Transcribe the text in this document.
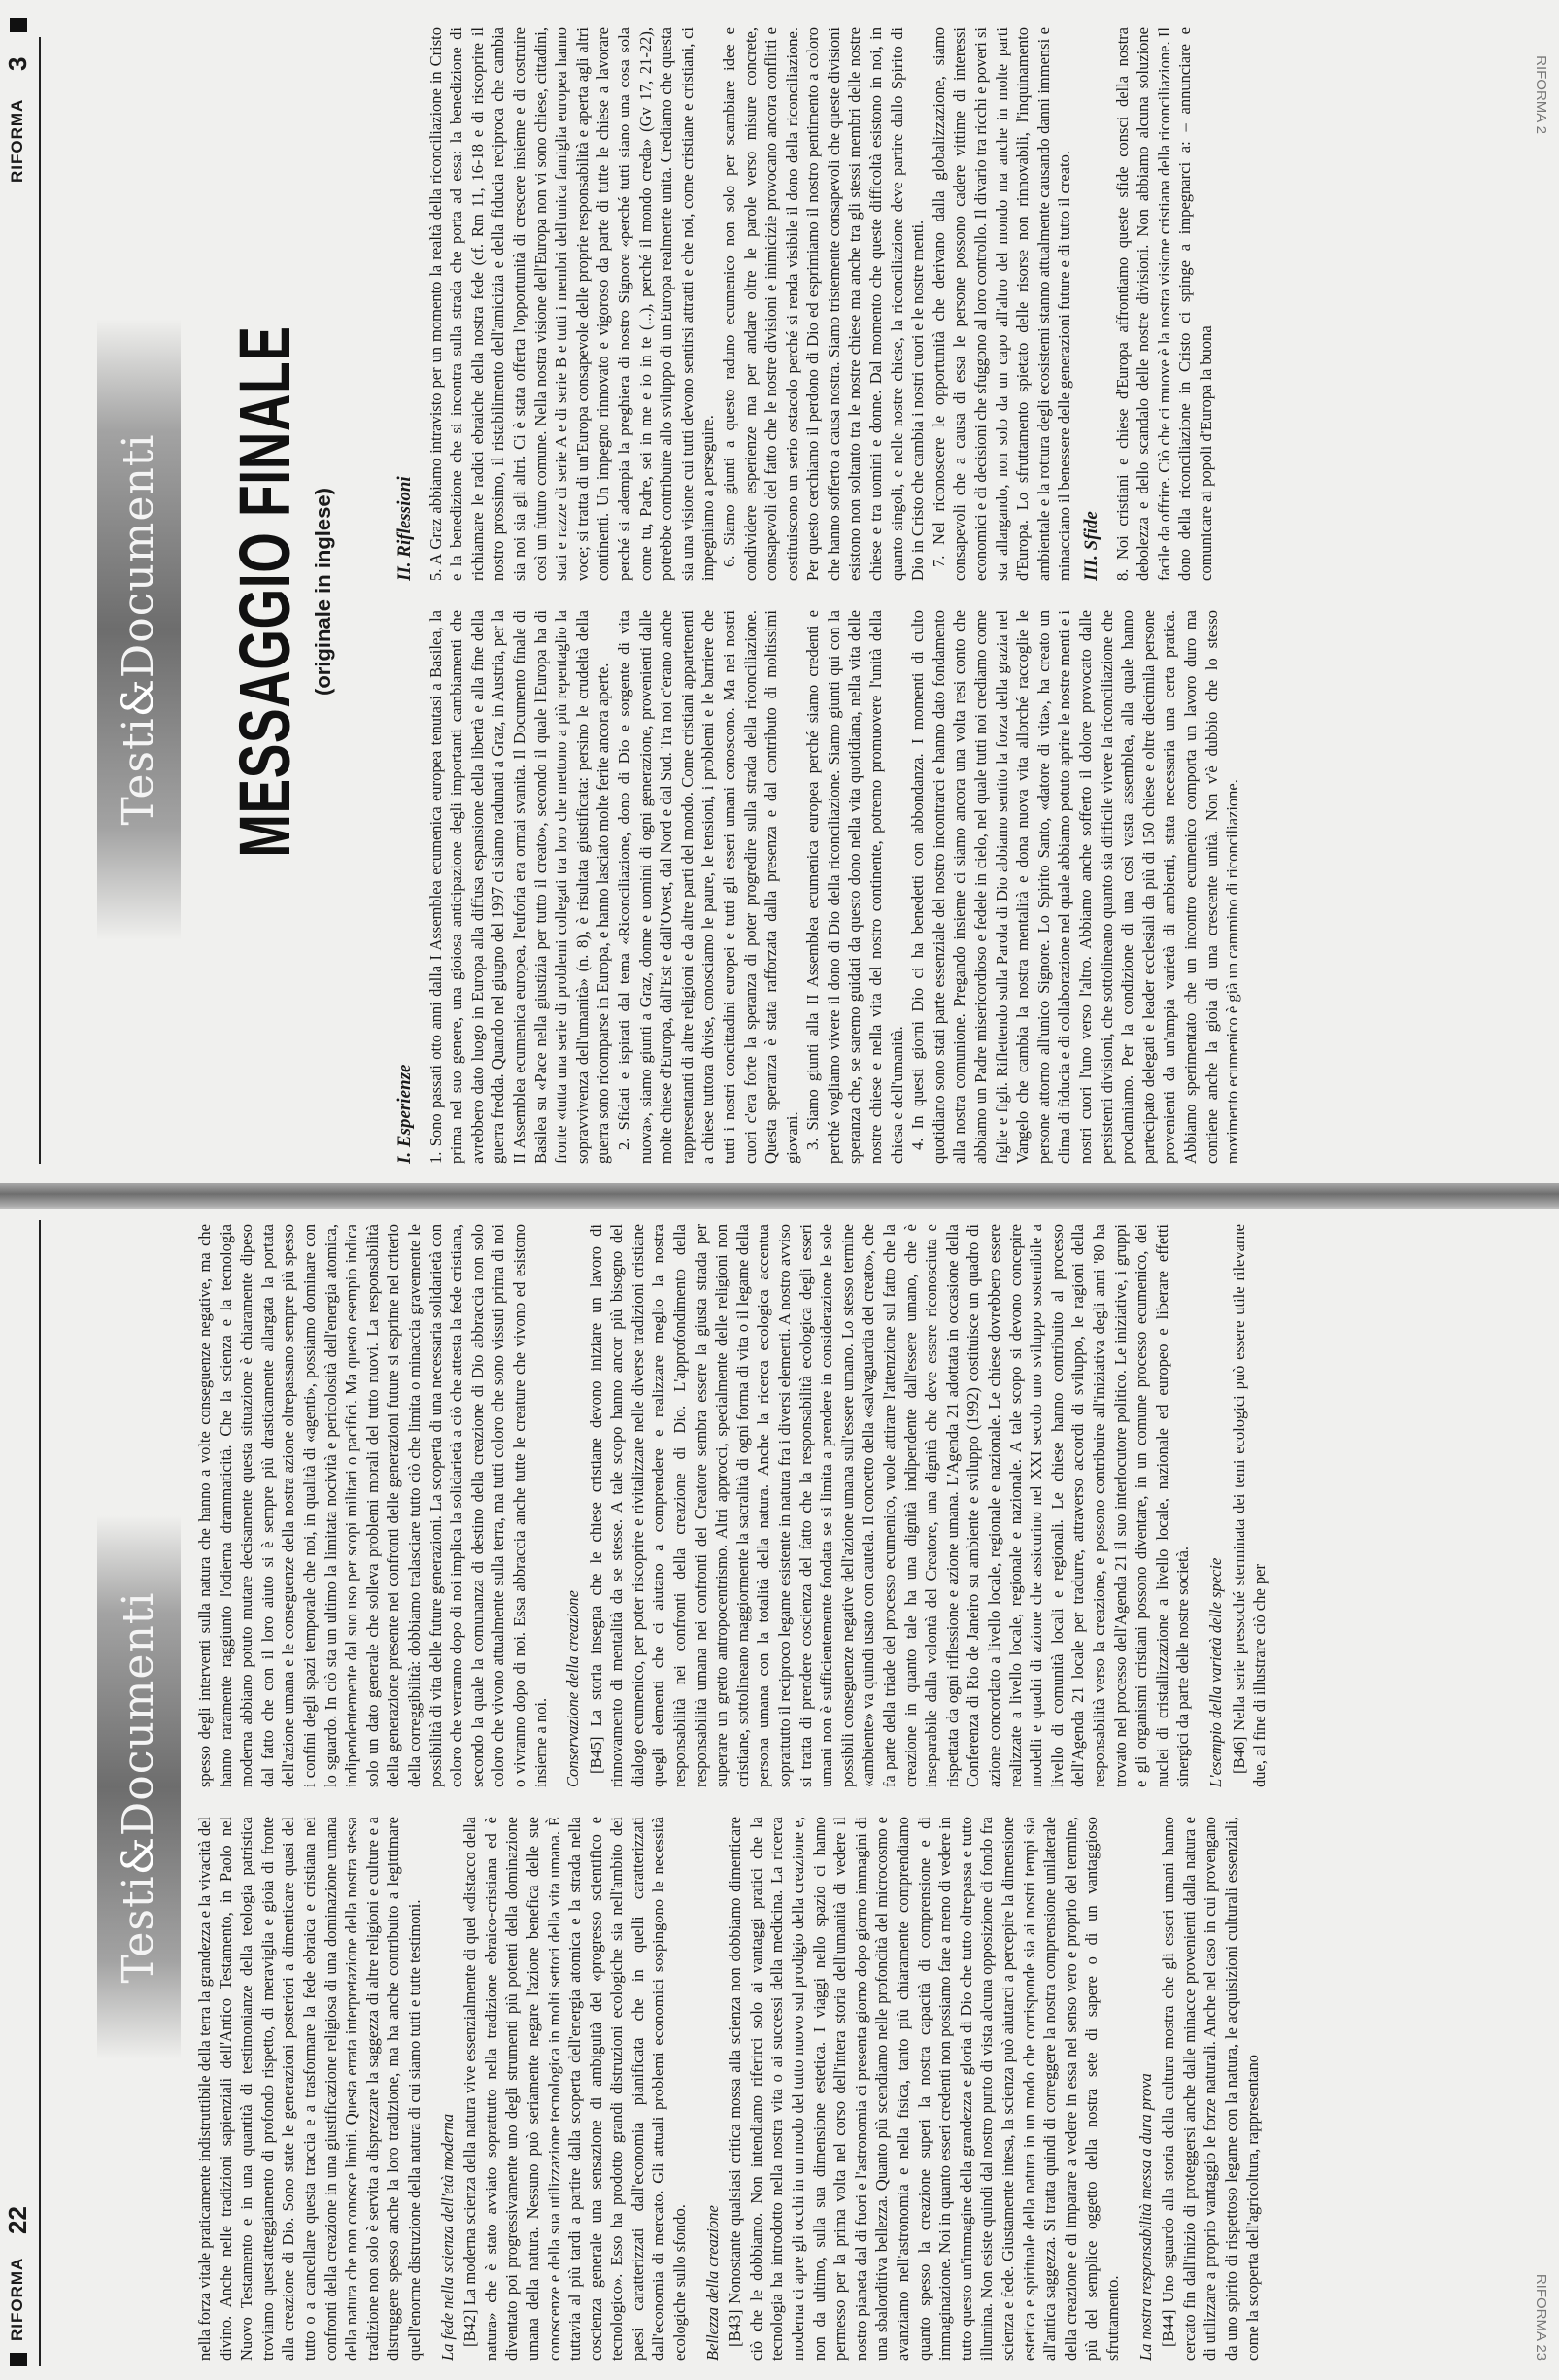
RIFORMA
22
Testi&Documenti

nella forza vitale praticamente indistruttibile della terra la grandezza e la vivacità del divino. Anche nelle tradizioni sapienziali dell'Antico Testamento, in Paolo nel Nuovo Testamento e in una quantità di testimonianze della teologia patristica troviamo quest'atteggiamento di profondo rispetto, di meraviglia e gioia di fronte alla creazione di Dio. Sono state le generazioni posteriori a dimenticare quasi del tutto o a cancellare questa traccia e a trasformare la fede ebraica e cristiana nei confronti della creazione in una giustificazione religiosa di una dominazione umana della natura che non conosce limiti. Questa errata interpretazione della nostra stessa tradizione non solo è servita a disprezzare la saggezza di altre religioni e culture e a distruggere spesso anche la loro tradizione, ma ha anche contribuito a legittimare quell'enorme distruzione della natura di cui siamo tutti e tutte testimoni. La fede nella scienza dell'età moderna [B42] La moderna scienza della natura vive essenzialmente di quel «distacco della natura» che è stato avviato soprattutto nella tradizione ebraico-cristiana ed è diventato poi progressivamente uno degli strumenti più potenti della dominazione umana della natura. Nessuno può seriamente negare l'azione benefica delle sue conoscenze e della sua utilizzazione tecnologica in molti settori della vita umana. È tuttavia al più tardi a partire dalla scoperta dell'energia atomica e la strada nella coscienza generale una sensazione di ambiguità del «progresso scientifico e tecnologico». Esso ha prodotto grandi distruzioni ecologiche sia nell'ambito dei paesi caratterizzati dall'economia pianificata che in quelli caratterizzati dall'economia di mercato. Gli attuali problemi economici sospingono le necessità ecologiche sullo sfondo. Bellezza della creazione [B43] Nonostante qualsiasi critica mossa alla scienza non dobbiamo dimenticare ciò che le dobbiamo. Non intendiamo riferirci solo ai vantaggi pratici che la tecnologia ha introdotto nella nostra vita o ai successi della medicina. La ricerca moderna ci apre gli occhi in un modo del tutto nuovo sul prodigio della creazione e, non da ultimo, sulla sua dimensione estetica. I viaggi nello spazio ci hanno permesso per la prima volta nel corso dell'intera storia dell'umanità di vedere il nostro pianeta dal di fuori e l'astronomia ci presenta giorno dopo giorno immagini di una sbalorditiva bellezza. Quanto più scendiamo nelle profondità del microcosmo e avanziamo nell'astronomia e nella fisica, tanto più chiaramente comprendiamo quanto spesso la creazione superi la nostra capacità di comprensione e di immaginazione. Noi in quanto esseri credenti non possiamo fare a meno di vedere in tutto questo un'immagine della grandezza e gloria di Dio che tutto oltrepassa e tutto illumina. Non esiste quindi dal nostro punto di vista alcuna opposizione di fondo fra scienza e fede. Giustamente intesa, la scienza può aiutarci a percepire la dimensione estetica e spirituale della natura in un modo che corrisponde sia ai nostri tempi sia all'antica saggezza. Si tratta quindi di correggere la nostra comprensione unilaterale della creazione e di imparare a vedere in essa nel senso vero e proprio del termine, più del semplice oggetto della nostra sete di sapere o di un vantaggioso sfruttamento. La nostra responsabilità messa a dura prova [B44] Uno sguardo alla storia della cultura mostra che gli esseri umani hanno cercato fin dall'inizio di proteggersi anche dalle minacce provenienti dalla natura e di utilizzare a proprio vantaggio le forze naturali. Anche nel caso in cui provengano da uno spirito di rispettoso legame con la natura, le acquisizioni culturali essenziali, come la scoperta dell'agricoltura, rappresentano

spesso degli interventi sulla natura che hanno a volte conseguenze negative, ma che hanno raramente raggiunto l'odierna drammaticità. Che la scienza e la tecnologia moderna abbiano potuto mutare decisamente questa situazione è chiaramente dipeso dal fatto che con il loro aiuto si è sempre più drasticamente allargata la portata dell'azione umana e le conseguenze della nostra azione oltrepassano sempre più spesso i confini degli spazi temporale che noi, in qualità di «agenti», possiamo dominare con lo sguardo. In ciò sta un ultimo la limitata nocività e pericolosità dell'energia atomica, indipendentemente dal suo uso per scopi militari o pacifici. Ma questo esempio indica solo un dato generale che solleva problemi morali del tutto nuovi. La responsabilità della generazione presente nei confronti delle generazioni future si esprime nel criterio della correggibilità: dobbiamo tralasciare tutto ciò che limita o minaccia gravemente le possibilità di vita delle future generazioni. La scoperta di una necessaria solidarietà con coloro che verranno dopo di noi implica la solidarietà a ciò che attesta la fede cristiana, secondo la quale la comunanza di destino della creazione di Dio abbraccia non solo coloro che vivono attualmente sulla terra, ma tutti coloro che sono vissuti prima di noi o vivranno dopo di noi. Essa abbraccia anche tutte le creature che vivono ed esistono insieme a noi. Conservazione della creazione [B45] La storia insegna che le chiese cristiane devono iniziare un lavoro di rinnovamento di mentalità da se stesse. A tale scopo hanno ancor più bisogno del dialogo ecumenico, per poter riscoprire e rivitalizzare nelle diverse tradizioni cristiane quegli elementi che ci aiutano a comprendere e realizzare meglio la nostra responsabilità nei confronti della creazione di Dio. L'approfondimento della responsabilità umana nei confronti del Creatore sembra essere la giusta strada per superare un gretto antropocentrismo. Altri approcci, specialmente delle religioni non cristiane, sottolineano maggiormente la sacralità di ogni forma di vita o il legame della persona umana con la totalità della natura. Anche la ricerca ecologica accentua soprattutto il reciproco legame esistente in natura fra i diversi elementi. A nostro avviso si tratta di prendere coscienza del fatto che la responsabilità ecologica degli esseri umani non è sufficientemente fondata se si limita a prendere in considerazione le sole possibili conseguenze negative dell'azione umana sull'essere umano. Lo stesso termine «ambiente» va quindi usato con cautela. Il concetto della «salvaguardia del creato», che fa parte della triade del processo ecumenico, vuole attirare l'attenzione sul fatto che la creazione in quanto tale ha una dignità indipendente dall'essere umano, che è inseparabile dalla volontà del Creatore, una dignità che deve essere riconosciuta e rispettata da ogni riflessione e azione umana. L'Agenda 21 adottata in occasione della Conferenza di Rio de Janeiro su ambiente e sviluppo (1992) costituisce un quadro di azione concordato a livello locale, regionale e nazionale. Le chiese dovrebbero essere realizzate a livello locale, regionale e nazionale. A tale scopo si devono concepire modelli e quadri di azione che assicurino nel XXI secolo uno sviluppo sostenibile a livello di comunità locali e regionali. Le chiese hanno contribuito al processo dell'Agenda 21 locale per tradurre, attraverso accordi di sviluppo, le ragioni della responsabilità verso la creazione, e possono contribuire all'iniziativa degli anni '80 ha trovato nel processo dell'Agenda 21 il suo interlocutore politico. Le iniziative, i gruppi e gli organismi cristiani possono diventare, in un comune processo ecumenico, dei nuclei di cristallizzazione a livello locale, nazionale ed europeo e liberare effetti sinergici da parte delle nostre società. L'esempio della varietà delle specie [B46] Nella serie pressoché sterminata dei temi ecologici può essere utile rilevarne due, al fine di illustrare ciò che per

RIFORMA 23
RIFORMA
3
Testi&Documenti MESSAGGIO FINALE (originale in inglese)
I. Esperienze 1. Sono passati otto anni dalla I Assemblea ecumenica europea tenutasi a Basilea, la prima nel suo genere, una gioiosa anticipazione degli importanti cambiamenti che avrebbero dato luogo in Europa alla diffusa espansione della libertà e alla fine della guerra fredda. Quando nel giugno del 1997 ci siamo radunati a Graz, in Austria, per la II Assemblea ecumenica europea, l'euforia era ormai svanita. Il Documento finale di Basilea su «Pace nella giustizia per tutto il creato», secondo il quale l'Europa ha di fronte «tutta una serie di problemi collegati tra loro che mettono a più repentaglio la sopravvivenza dell'umanità» (n. 8), è risultata giustificata: persino le crudeltà della guerra sono ricomparse in Europa, e hanno lasciato molte ferite ancora aperte. 2. Sfidati e ispirati dal tema «Riconciliazione, dono di Dio e sorgente di vita nuova», siamo giunti a Graz, donne e uomini di ogni generazione, provenienti dalle molte chiese d'Europa, dall'Est e dall'Ovest, dal Nord e dal Sud. Tra noi c'erano anche rappresentanti di altre religioni e da altre parti del mondo. Come cristiani appartenenti a chiese tuttora divise, conosciamo le paure, le tensioni, i problemi e le barriere che tutti i nostri concittadini europei e tutti gli esseri umani conoscono. Ma nei nostri cuori c'era forte la speranza di poter progredire sulla strada della riconciliazione. Questa speranza è stata rafforzata dalla presenza e dal contributo di moltissimi giovani. 3. Siamo giunti alla II Assemblea ecumenica europea perché siamo credenti e perché vogliamo vivere il dono di Dio della riconciliazione. Siamo giunti qui con la speranza che, se saremo guidati da questo dono nella vita quotidiana, nella vita delle nostre chiese e nella vita del nostro continente, potremo promuovere l'unità della chiesa e dell'umanità. 4. In questi giorni Dio ci ha benedetti con abbondanza. I momenti di culto quotidiano sono stati parte essenziale del nostro incontrarci e hanno dato fondamento alla nostra comunione. Pregando insieme ci siamo ancora una volta resi conto che abbiamo un Padre misericordioso e fedele in cielo, nel quale tutti noi crediamo come figlie e figli. Riflettendo sulla Parola di Dio abbiamo sentito la forza della grazia nel Vangelo che cambia la nostra mentalità e dona nuova vita allorché raccoglie le persone attorno all'unico Signore. Lo Spirito Santo, «datore di vita», ha creato un clima di fiducia e di collaborazione nel quale abbiamo potuto aprire le nostre menti e i nostri cuori l'uno verso l'altro. Abbiamo anche sofferto il dolore provocato dalle persistenti divisioni, che sottolineano quanto sia difficile vivere la riconciliazione che proclamiamo. Per la condizione di una così vasta assemblea, alla quale hanno partecipato delegati e leader ecclesiali da più di 150 chiese e oltre diecimila persone provenienti da un'ampia varietà di ambienti, stata necessaria una certa pratica. Abbiamo sperimentato che un incontro ecumenico comporta un lavoro duro ma contiene anche la gioia di una crescente unità. Non v'è dubbio che lo stesso movimento ecumenico è già un cammino di riconciliazione.

II. Riflessioni 5. A Graz abbiamo intravisto per un momento la realtà della riconciliazione in Cristo e la benedizione che si incontra sulla strada che porta ad essa: la benedizione di richiamare le radici ebraiche della nostra fede (cf. Rm 11, 16-18 e di riscoprire il nostro prossimo, il ristabilimento dell'amicizia e della fiducia reciproca che cambia sia noi sia gli altri. Ci è stata offerta l'opportunità di crescere insieme e di costruire così un futuro comune. Nella nostra visione dell'Europa non vi sono chiese, cittadini, stati e razze di serie A e di serie B e tutti i membri dell'unica famiglia europea hanno voce; si tratta di un'Europa consapevole delle proprie responsabilità e aperta agli altri continenti. Un impegno rinnovato e vigoroso da parte di tutte le chiese a lavorare perché si adempia la preghiera di nostro Signore «perché tutti siano una cosa sola come tu, Padre, sei in me e io in te (...), perché il mondo creda» (Gv 17, 21-22), potrebbe contribuire allo sviluppo di un'Europa realmente unita. Crediamo che questa sia una visione cui tutti devono sentirsi attratti e che noi, come cristiane e cristiani, ci impegniamo a perseguire. 6. Siamo giunti a questo raduno ecumenico non solo per scambiare idee e condividere esperienze ma per andare oltre le parole verso misure concrete, consapevoli del fatto che le nostre divisioni e inimicizie provocano ancora conflitti e costituiscono un serio ostacolo perché si renda visibile il dono della riconciliazione. Per questo cerchiamo il perdono di Dio ed esprimiamo il nostro pentimento a coloro che hanno sofferto a causa nostra. Siamo tristemente consapevoli che queste divisioni esistono non soltanto tra le nostre chiese ma anche tra gli stessi membri delle nostre chiese e tra uomini e donne. Dal momento che queste difficoltà esistono in noi, in quanto singoli, e nelle nostre chiese, la riconciliazione deve partire dallo Spirito di Dio in Cristo che cambia i nostri cuori e le nostre menti. 7. Nel riconoscere le opportunità che derivano dalla globalizzazione, siamo consapevoli che a causa di essa le persone possono cadere vittime di interessi economici e di decisioni che sfuggono al loro controllo. Il divario tra ricchi e poveri si sta allargando, non solo da un capo all'altro del mondo ma anche in molte parti d'Europa. Lo sfruttamento spietato delle risorse non rinnovabili, l'inquinamento ambientale e la rottura degli ecosistemi stanno attualmente causando danni immensi e minacciano il benessere delle generazioni future e di tutto il creato. III. Sfide 8. Noi cristiani e chiese d'Europa affrontiamo queste sfide consci della nostra debolezza e dello scandalo delle nostre divisioni. Non abbiamo alcuna soluzione facile da offrire. Ciò che ci muove è la nostra visione cristiana della riconciliazione. Il dono della riconciliazione in Cristo ci spinge a impegnarci a: – annunciare e comunicare ai popoli d'Europa la buona

RIFORMA 2
